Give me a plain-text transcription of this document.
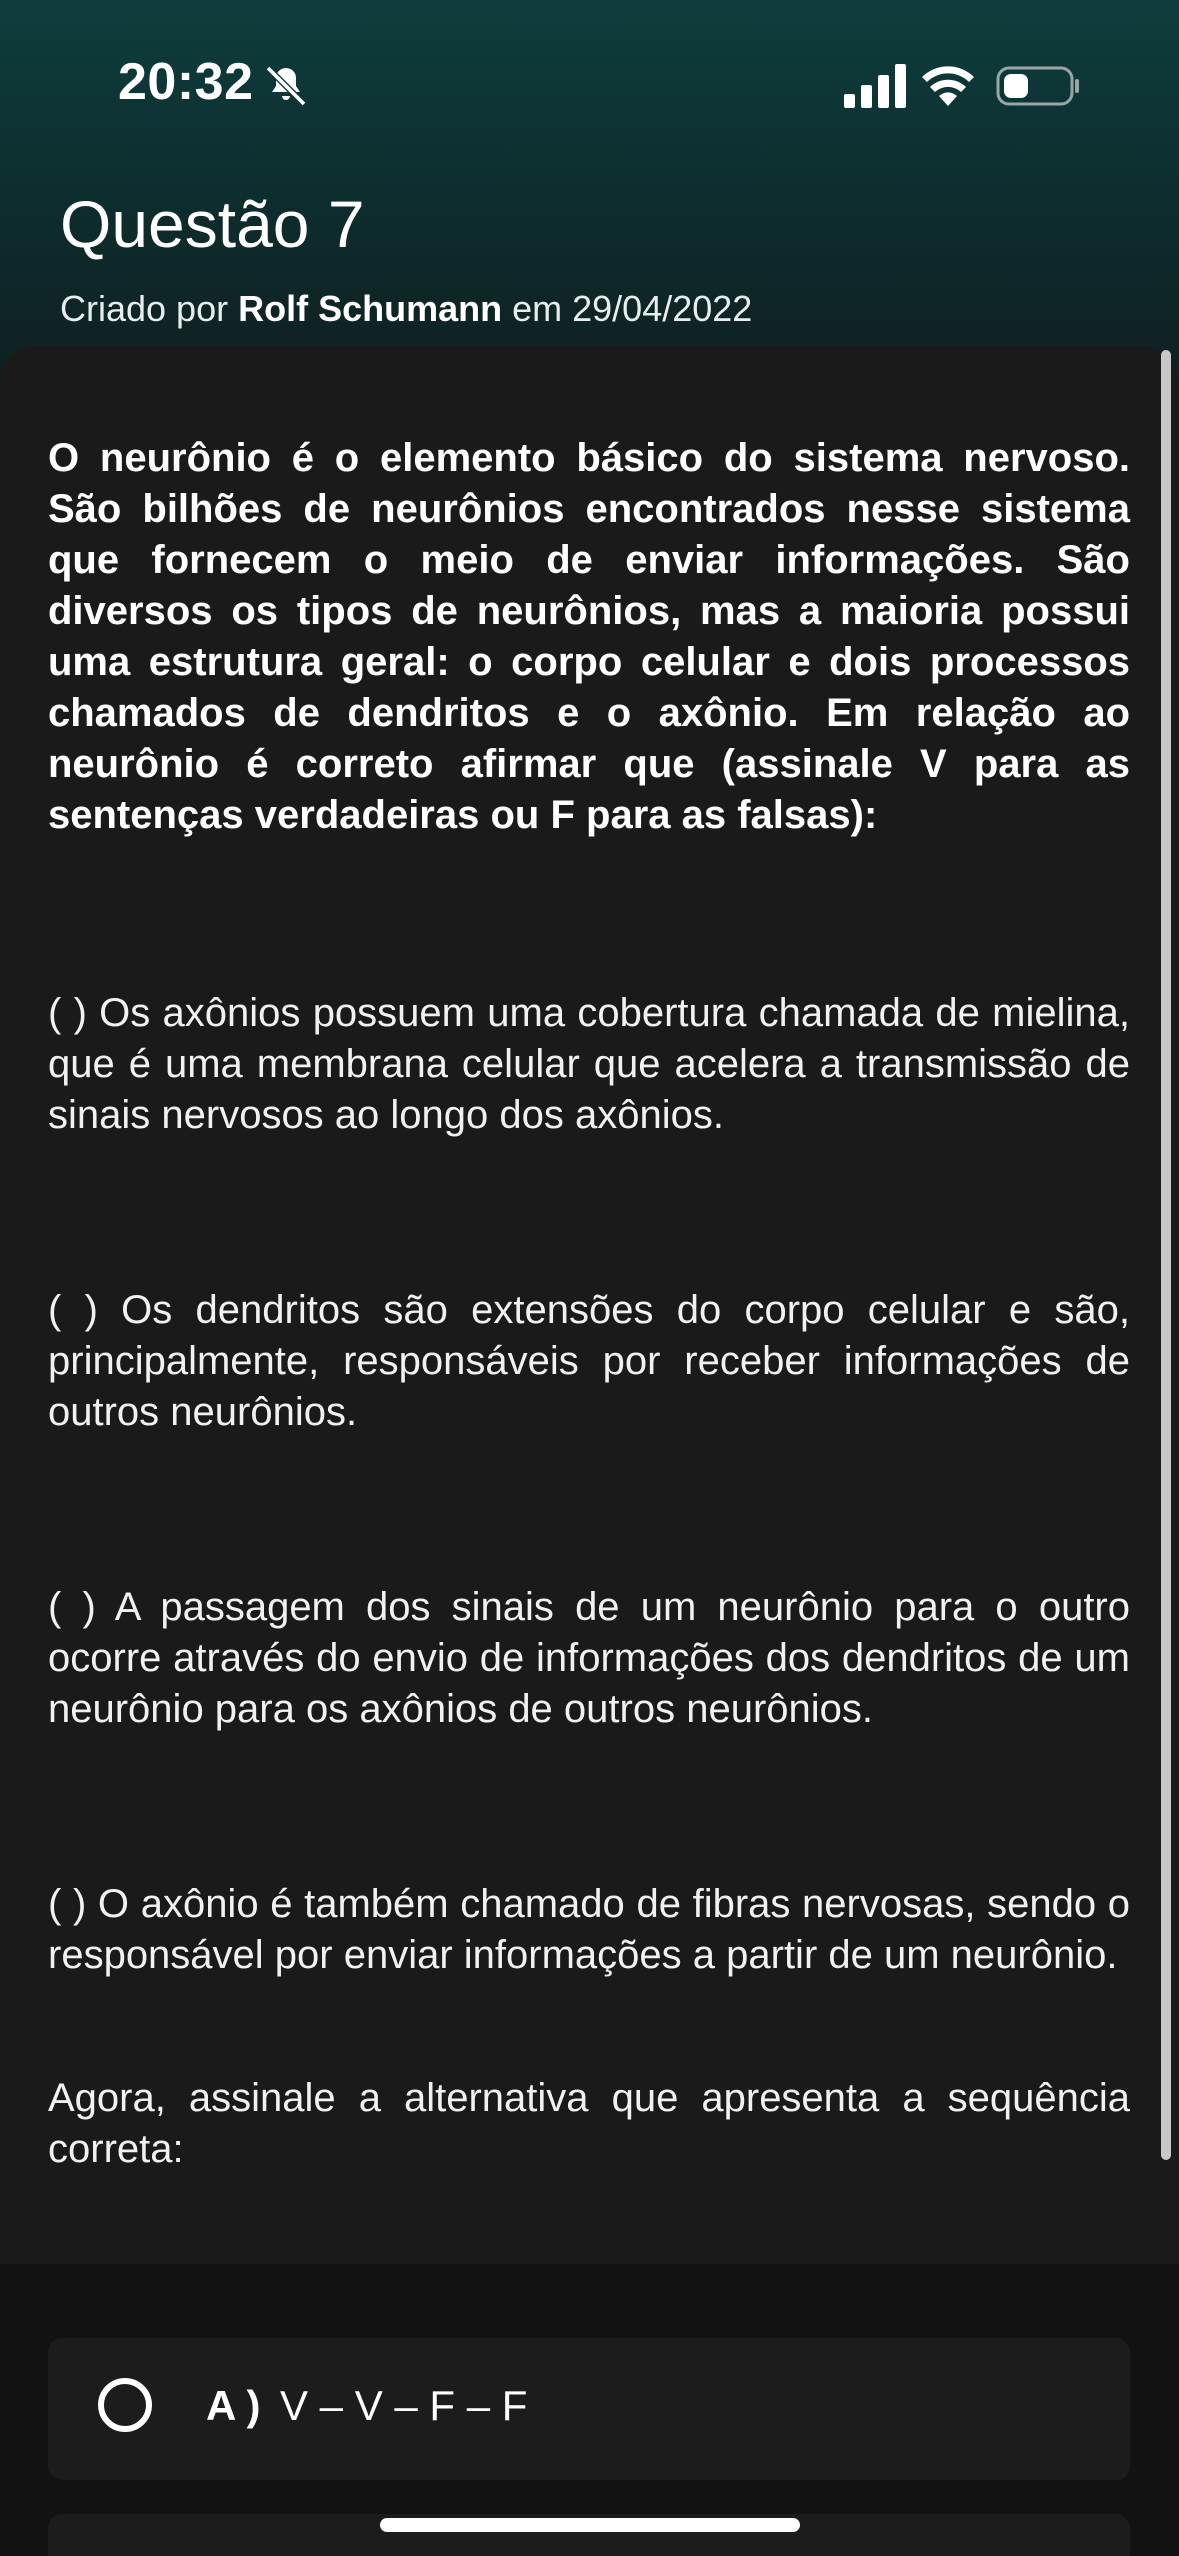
20:32
Questão 7
Criado por Rolf Schumann em 29/04/2022

O neurônio é o elemento básico do sistema nervoso. São bilhões de neurônios encontrados nesse sistema que fornecem o meio de enviar informações. São diversos os tipos de neurônios, mas a maioria possui uma estrutura geral: o corpo celular e dois processos chamados de dendritos e o axônio. Em relação ao neurônio é correto afirmar que (assinale V para as sentenças verdadeiras ou F para as falsas):

( ) Os axônios possuem uma cobertura chamada de mielina, que é uma membrana celular que acelera a transmissão de sinais nervosos ao longo dos axônios.

( ) Os dendritos são extensões do corpo celular e são, principalmente, responsáveis por receber informações de outros neurônios.

( ) A passagem dos sinais de um neurônio para o outro ocorre através do envio de informações dos dendritos de um neurônio para os axônios de outros neurônios.

( ) O axônio é também chamado de fibras nervosas, sendo o responsável por enviar informações a partir de um neurônio.

Agora, assinale a alternativa que apresenta a sequência correta:

A ) V – V – F – F
